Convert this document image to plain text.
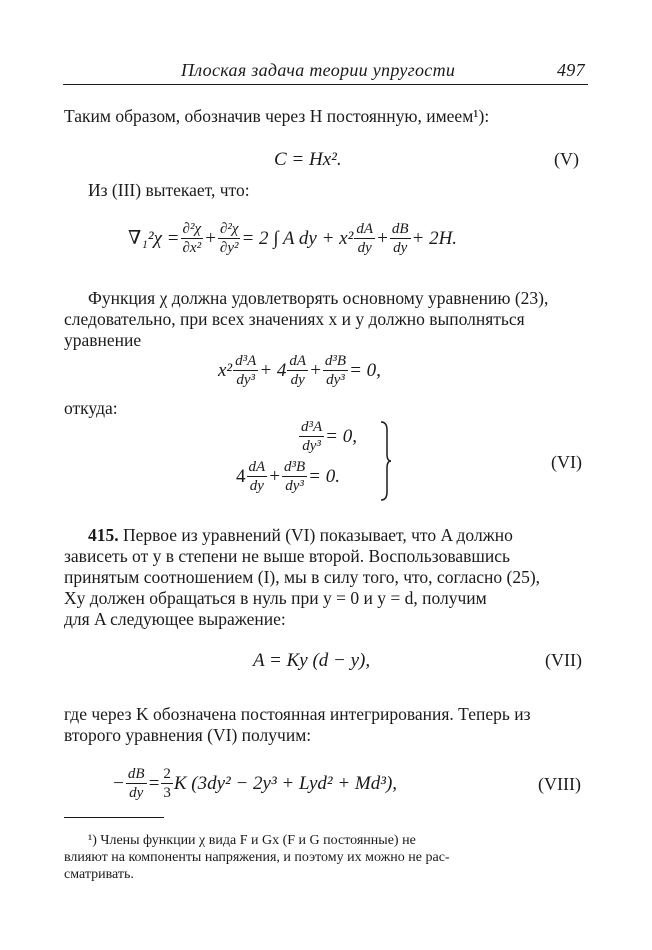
Плоская задача теории упругости	497
Таким образом, обозначив через H постоянную, имеем¹):
C = Hx².	(V)
Из (III) вытекает, что:
$\nabla_1^2\chi = \frac{\text{∂²χ}}{\text{∂x²}} + \frac{\text{∂²χ}}{\text{∂y²}} = 2$ ∫ A dy + $x^2 \frac{dA}{dy} + \frac{dB}{dy} + 2H$.
Функция χ должна удовлетворять основному уравнению (23),
следовательно, при всех значениях x и y должно выполняться
уравнение
$x^2 \frac{\text{d³A}}{\text{dy³}} + 4 \frac{dA}{dy} + \frac{\text{d³B}}{\text{dy³}} = 0$,
откуда:
$\frac{\text{d³A}}{\text{dy³}} = 0$,
$4 \frac{dA}{dy} + \frac{\text{d³B}}{\text{dy³}} = 0$.
(VI)
415. Первое из уравнений (VI) показывает, что A должно
зависеть от y в степени не выше второй. Воспользовавшись
принятым соотношением (I), мы в силу того, что, согласно (25),
Xy должен обращаться в нуль при y = 0 и y = d, получим
для A следующее выражение:
A = Ky (d − y),	(VII)
где через K обозначена постоянная интегрирования. Теперь из
второго уравнения (VI) получим:
− $\frac{dB}{dy} = \frac{2}{3}$ K (3dy² − 2y³ + Lyd² + Md³),	(VIII)
¹) Члены функции χ вида F и Gx (F и G постоянные) не
влияют на компоненты напряжения, и поэтому их можно не рас-
сматривать.
